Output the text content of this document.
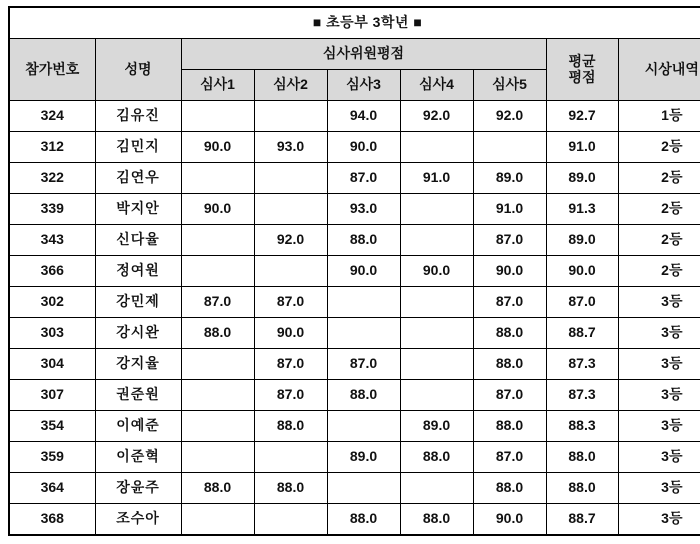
■ 초등부 3학년 ■								
참가번호	성명	심사위원평점					평균
평점	시상내역
		심사1	심사2	심사3	심사4	심사5		
324	김유진			94.0	92.0	92.0	92.7	1등
312	김민지	90.0	93.0	90.0			91.0	2등
322	김연우			87.0	91.0	89.0	89.0	2등
339	박지안	90.0		93.0		91.0	91.3	2등
343	신다율		92.0	88.0		87.0	89.0	2등
366	정여원			90.0	90.0	90.0	90.0	2등
302	강민제	87.0	87.0			87.0	87.0	3등
303	강시완	88.0	90.0			88.0	88.7	3등
304	강지율		87.0	87.0		88.0	87.3	3등
307	권준원		87.0	88.0		87.0	87.3	3등
354	이예준		88.0		89.0	88.0	88.3	3등
359	이준혁			89.0	88.0	87.0	88.0	3등
364	장윤주	88.0	88.0			88.0	88.0	3등
368	조수아			88.0	88.0	90.0	88.7	3등
